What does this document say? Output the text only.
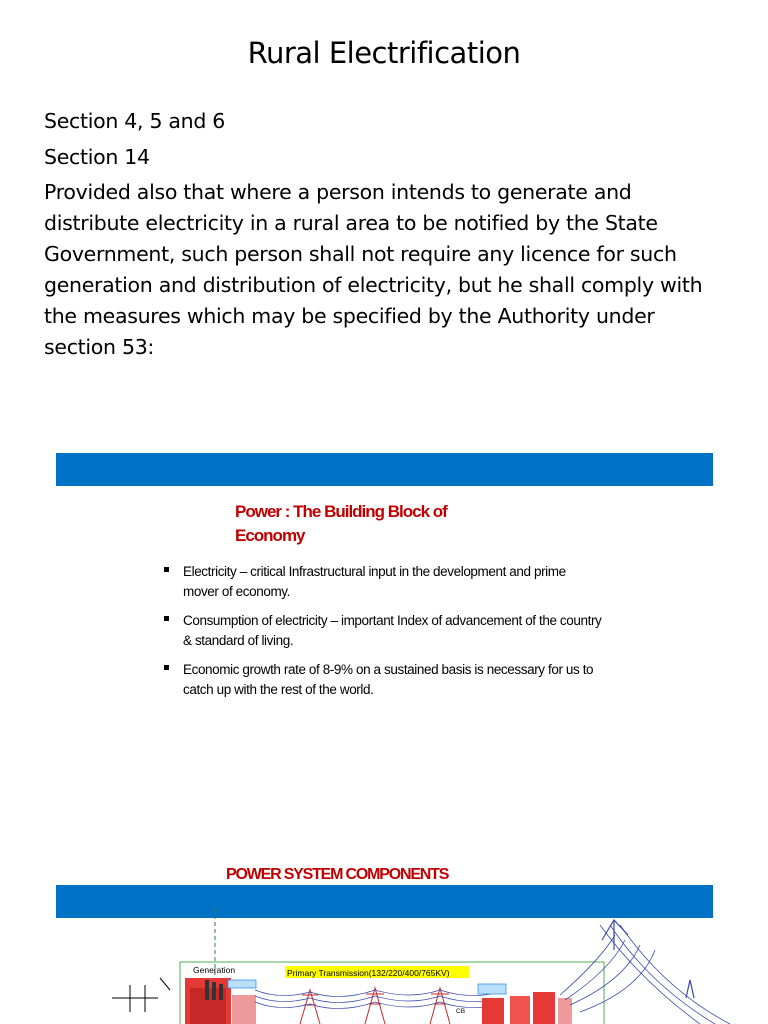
Rural Electrification
Section 4, 5 and 6
Section 14
Provided also that where a person intends to generate and distribute electricity in a rural area to be notified by the State Government, such person shall not require any licence for such generation and distribution of electricity, but he shall comply with the measures which may be specified by the Authority under section 53:
Power : The Building Block of Economy
Electricity – critical Infrastructural input in the development and prime mover of economy.
Consumption of electricity – important Index of advancement of the country & standard of living.
Economic growth rate of 8-9% on a sustained basis is necessary for us to catch up with the rest of the world.
POWER SYSTEM COMPONENTS
Generation	Primary Transmission(132/220/400/765KV)
CB
